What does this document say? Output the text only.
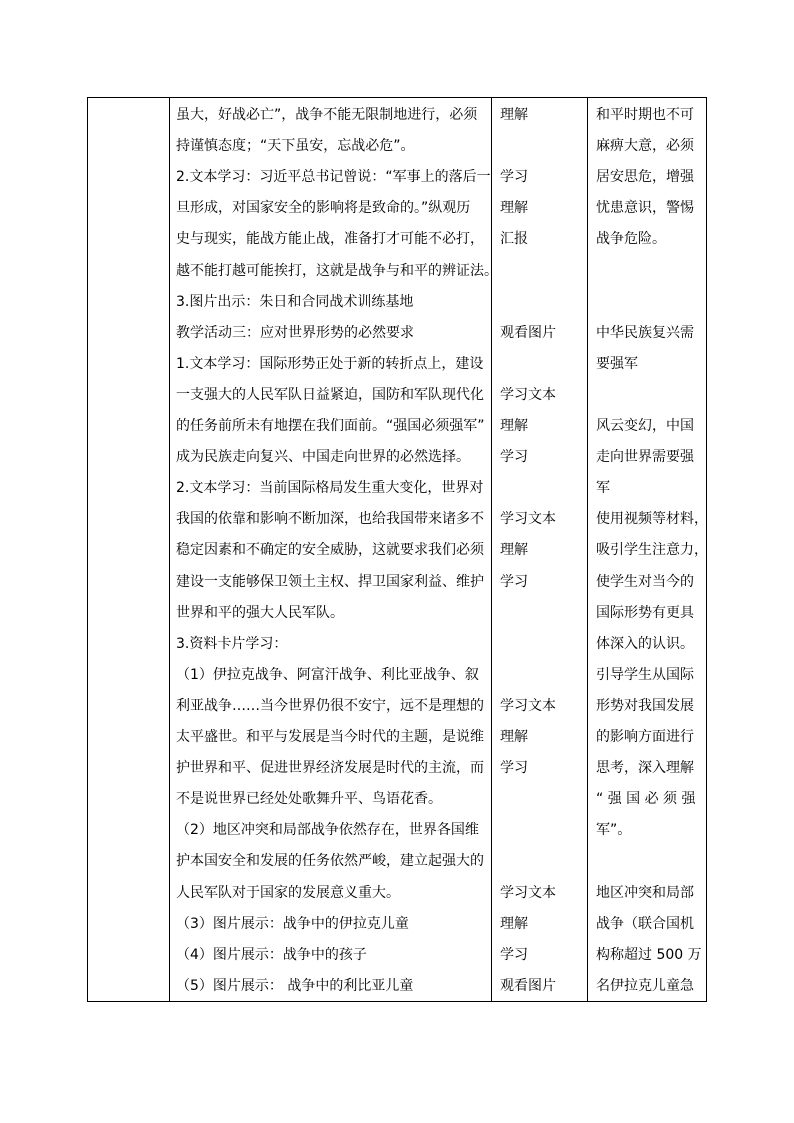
虽大，好战必亡”，战争不能无限制地进行，必须
持谨慎态度；“天下虽安，忘战必危”。
2.文本学习：习近平总书记曾说：“军事上的落后一
旦形成，对国家安全的影响将是致命的。”纵观历
史与现实，能战方能止战，准备打才可能不必打，
越不能打越可能挨打，这就是战争与和平的辨证法。
3.图片出示：朱日和合同战术训练基地
教学活动三：应对世界形势的必然要求
1.文本学习：国际形势正处于新的转折点上，建设
一支强大的人民军队日益紧迫，国防和军队现代化
的任务前所未有地摆在我们面前。“强国必须强军”
成为民族走向复兴、中国走向世界的必然选择。
2.文本学习：当前国际格局发生重大变化，世界对
我国的依靠和影响不断加深，也给我国带来诸多不
稳定因素和不确定的安全威胁，这就要求我们必须
建设一支能够保卫领土主权、捍卫国家利益、维护
世界和平的强大人民军队。
3.资料卡片学习：
（1）伊拉克战争、阿富汗战争、利比亚战争、叙
利亚战争……当今世界仍很不安宁，远不是理想的
太平盛世。和平与发展是当今时代的主题，是说维
护世界和平、促进世界经济发展是时代的主流，而
不是说世界已经处处歌舞升平、鸟语花香。
（2）地区冲突和局部战争依然存在，世界各国维
护本国安全和发展的任务依然严峻，建立起强大的
人民军队对于国家的发展意义重大。
（3）图片展示：战争中的伊拉克儿童
（4）图片展示：战争中的孩子
（5）图片展示： 战争中的利比亚儿童
理解
学习
理解
汇报
观看图片
学习文本
理解
学习
学习文本
理解
学习
学习文本
理解
学习
学习文本
理解
学习
观看图片
和平时期也不可
麻痹大意，必须
居安思危，增强
忧患意识，警惕
战争危险。
中华民族复兴需
要强军
风云变幻，中国
走向世界需要强
军
使用视频等材料，
吸引学生注意力，
使学生对当今的
国际形势有更具
体深入的认识。
引导学生从国际
形势对我国发展
的影响方面进行
思考，深入理解
“ 强 国 必 须 强
军”。
地区冲突和局部
战争（联合国机
构称超过 500 万
名伊拉克儿童急
